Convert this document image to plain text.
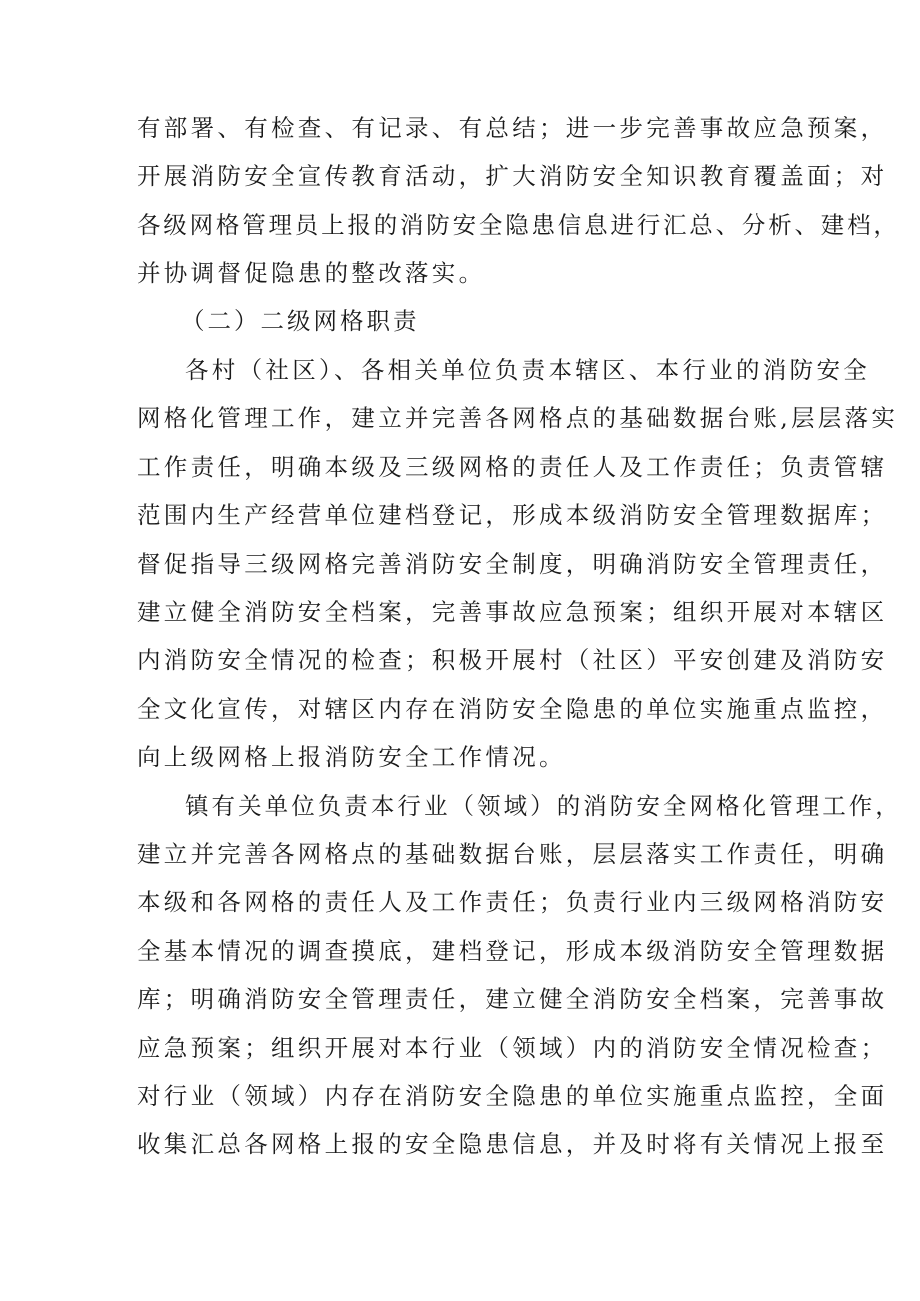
有部署、有检查、有记录、有总结；进一步完善事故应急预案，
开展消防安全宣传教育活动，扩大消防安全知识教育覆盖面；对
各级网格管理员上报的消防安全隐患信息进行汇总、分析、建档，
并协调督促隐患的整改落实。
（二）二级网格职责
各村（社区）、各相关单位负责本辖区、本行业的消防安全
网格化管理工作，建立并完善各网格点的基础数据台账,层层落实
工作责任，明确本级及三级网格的责任人及工作责任；负责管辖
范围内生产经营单位建档登记，形成本级消防安全管理数据库；
督促指导三级网格完善消防安全制度，明确消防安全管理责任，
建立健全消防安全档案，完善事故应急预案；组织开展对本辖区
内消防安全情况的检查；积极开展村（社区）平安创建及消防安
全文化宣传，对辖区内存在消防安全隐患的单位实施重点监控，
向上级网格上报消防安全工作情况。
镇有关单位负责本行业（领域）的消防安全网格化管理工作，
建立并完善各网格点的基础数据台账，层层落实工作责任，明确
本级和各网格的责任人及工作责任；负责行业内三级网格消防安
全基本情况的调查摸底，建档登记，形成本级消防安全管理数据
库；明确消防安全管理责任，建立健全消防安全档案，完善事故
应急预案；组织开展对本行业（领域）内的消防安全情况检查；
对行业（领域）内存在消防安全隐患的单位实施重点监控，全面
收集汇总各网格上报的安全隐患信息，并及时将有关情况上报至
